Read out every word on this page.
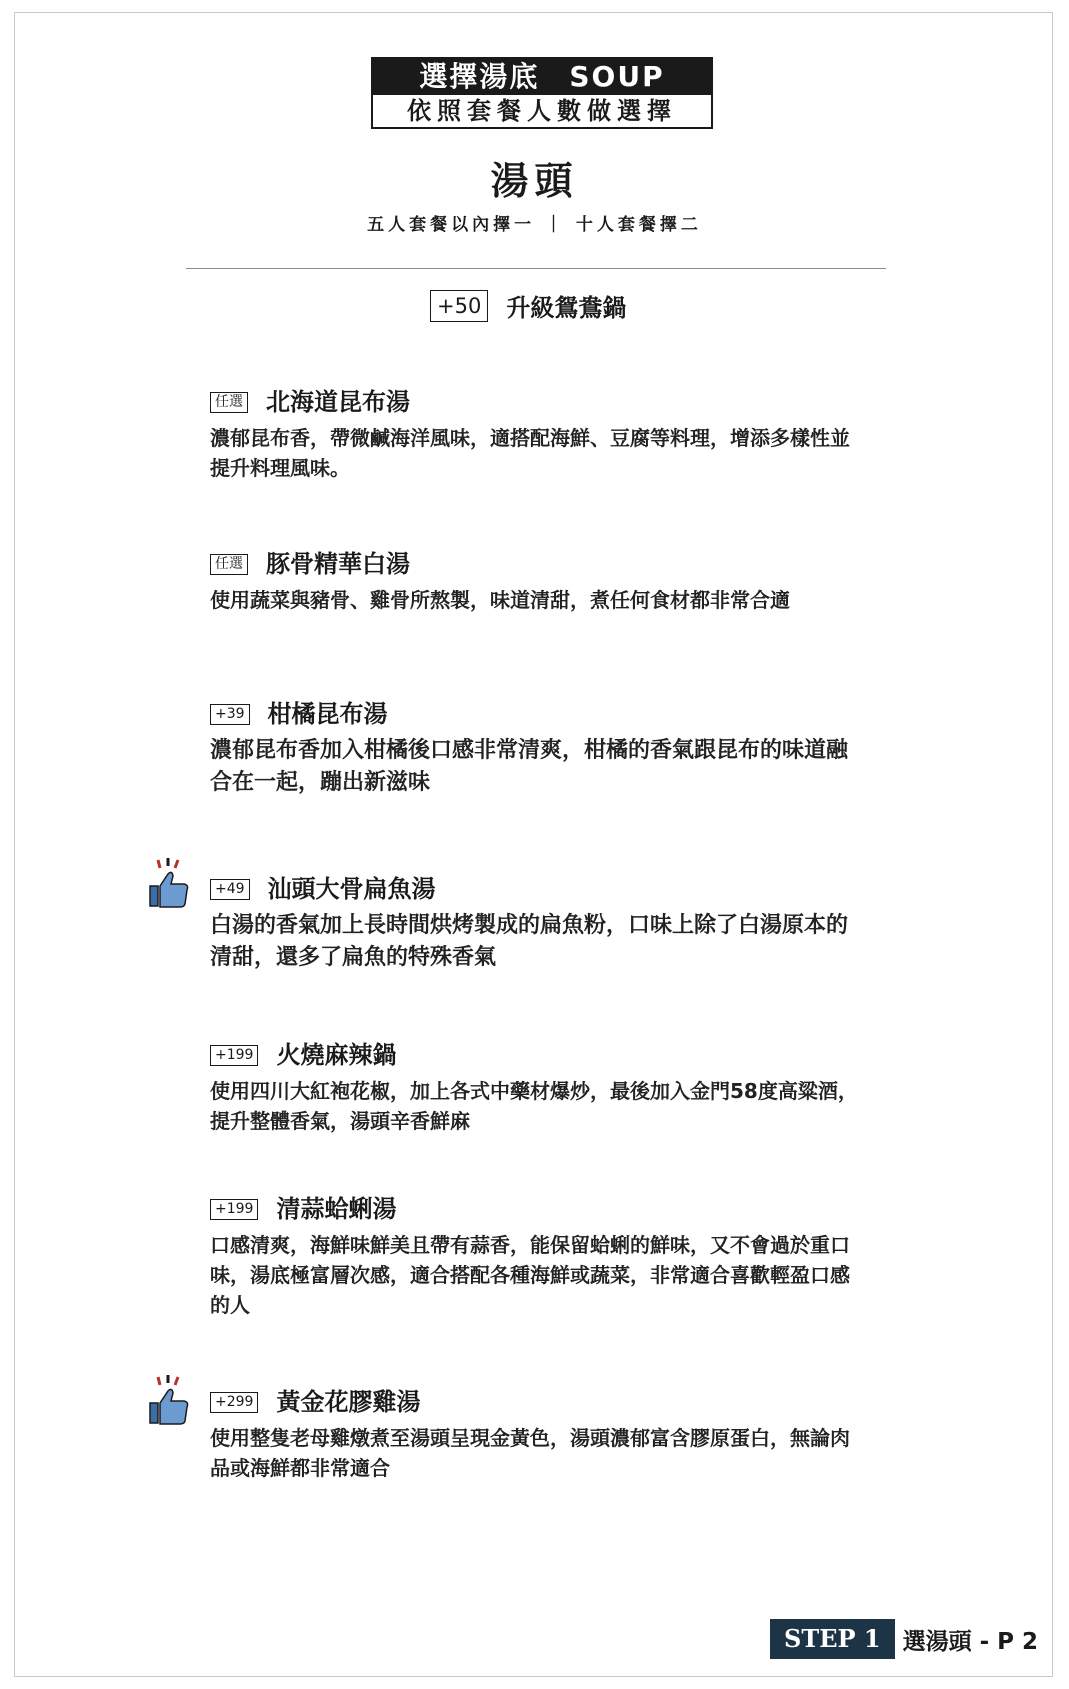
選擇湯底　SOUP
依照套餐人數做選擇
湯頭
五人套餐以內擇一 ｜ 十人套餐擇二
+50 升級鴛鴦鍋
任選 北海道昆布湯
濃郁昆布香，帶微鹹海洋風味，適搭配海鮮、豆腐等料理，增添多樣性並提升料理風味。
任選 豚骨精華白湯
使用蔬菜與豬骨、雞骨所熬製，味道清甜，煮任何食材都非常合適
+39 柑橘昆布湯
濃郁昆布香加入柑橘後口感非常清爽，柑橘的香氣跟昆布的味道融合在一起，蹦出新滋味
+49 汕頭大骨扁魚湯
白湯的香氣加上長時間烘烤製成的扁魚粉，口味上除了白湯原本的清甜，還多了扁魚的特殊香氣
+199 火燒麻辣鍋
使用四川大紅袍花椒，加上各式中藥材爆炒，最後加入金門58度高粱酒，提升整體香氣，湯頭辛香鮮麻
+199 清蒜蛤蜊湯
口感清爽，海鮮味鮮美且帶有蒜香，能保留蛤蜊的鮮味，又不會過於重口味，湯底極富層次感，適合搭配各種海鮮或蔬菜，非常適合喜歡輕盈口感的人
+299 黃金花膠雞湯
使用整隻老母雞燉煮至湯頭呈現金黃色，湯頭濃郁富含膠原蛋白，無論肉品或海鮮都非常適合
STEP 1 選湯頭 - P 2
